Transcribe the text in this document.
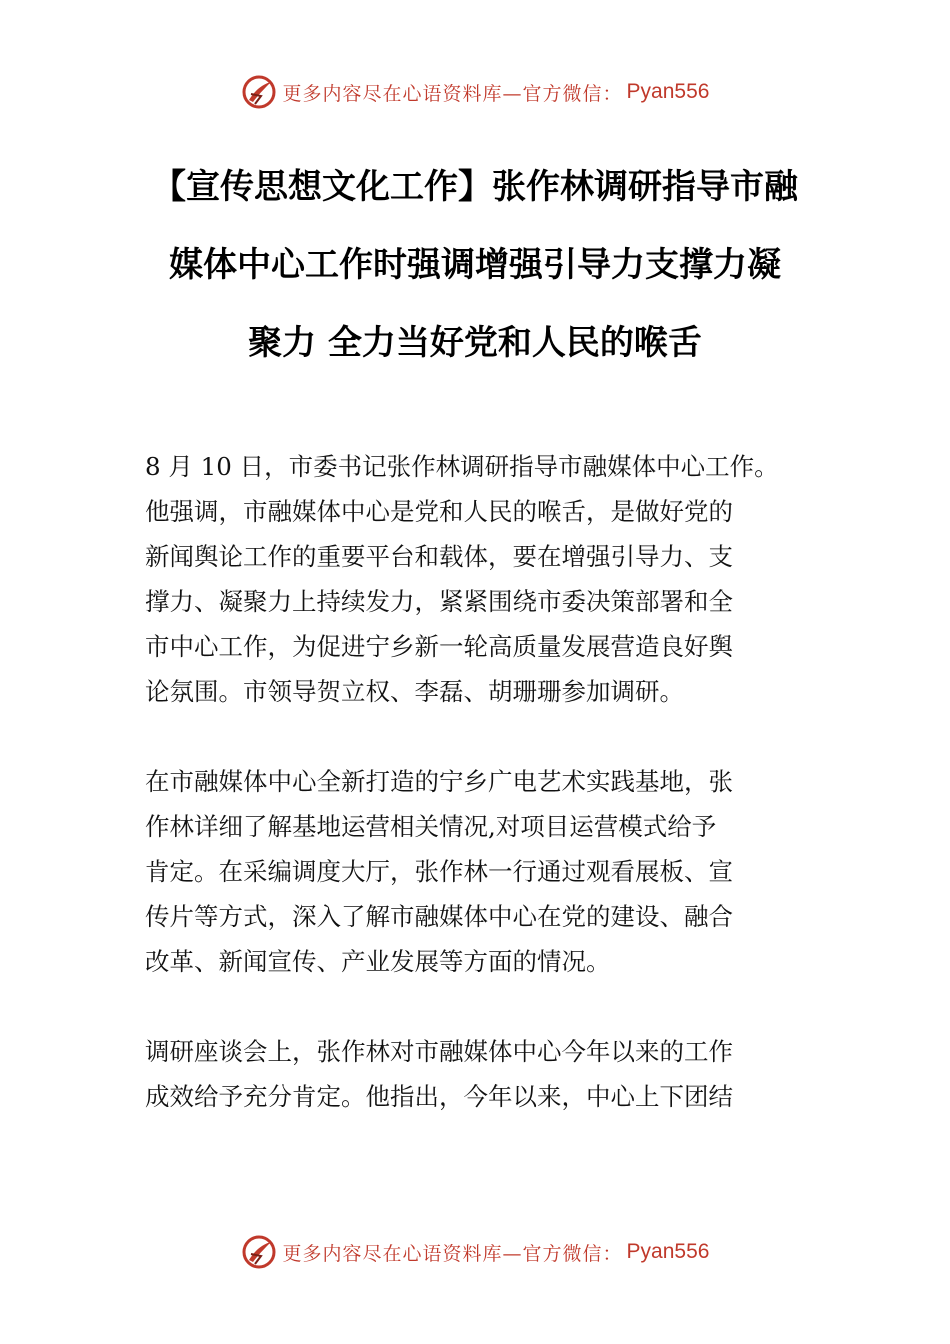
更多内容尽在心语资料库—官方微信： Pyan556
【宣传思想文化工作】张作林调研指导市融
媒体中心工作时强调增强引导力支撑力凝
聚力 全力当好党和人民的喉舌
8 月 10 日，市委书记张作林调研指导市融媒体中心工作。
他强调，市融媒体中心是党和人民的喉舌，是做好党的
新闻舆论工作的重要平台和载体，要在增强引导力、支
撑力、凝聚力上持续发力，紧紧围绕市委决策部署和全
市中心工作，为促进宁乡新一轮高质量发展营造良好舆
论氛围。市领导贺立权、李磊、胡珊珊参加调研。
在市融媒体中心全新打造的宁乡广电艺术实践基地，张
作林详细了解基地运营相关情况,对项目运营模式给予
肯定。在采编调度大厅，张作林一行通过观看展板、宣
传片等方式，深入了解市融媒体中心在党的建设、融合
改革、新闻宣传、产业发展等方面的情况。
调研座谈会上，张作林对市融媒体中心今年以来的工作
成效给予充分肯定。他指出，今年以来，中心上下团结
更多内容尽在心语资料库—官方微信： Pyan556
